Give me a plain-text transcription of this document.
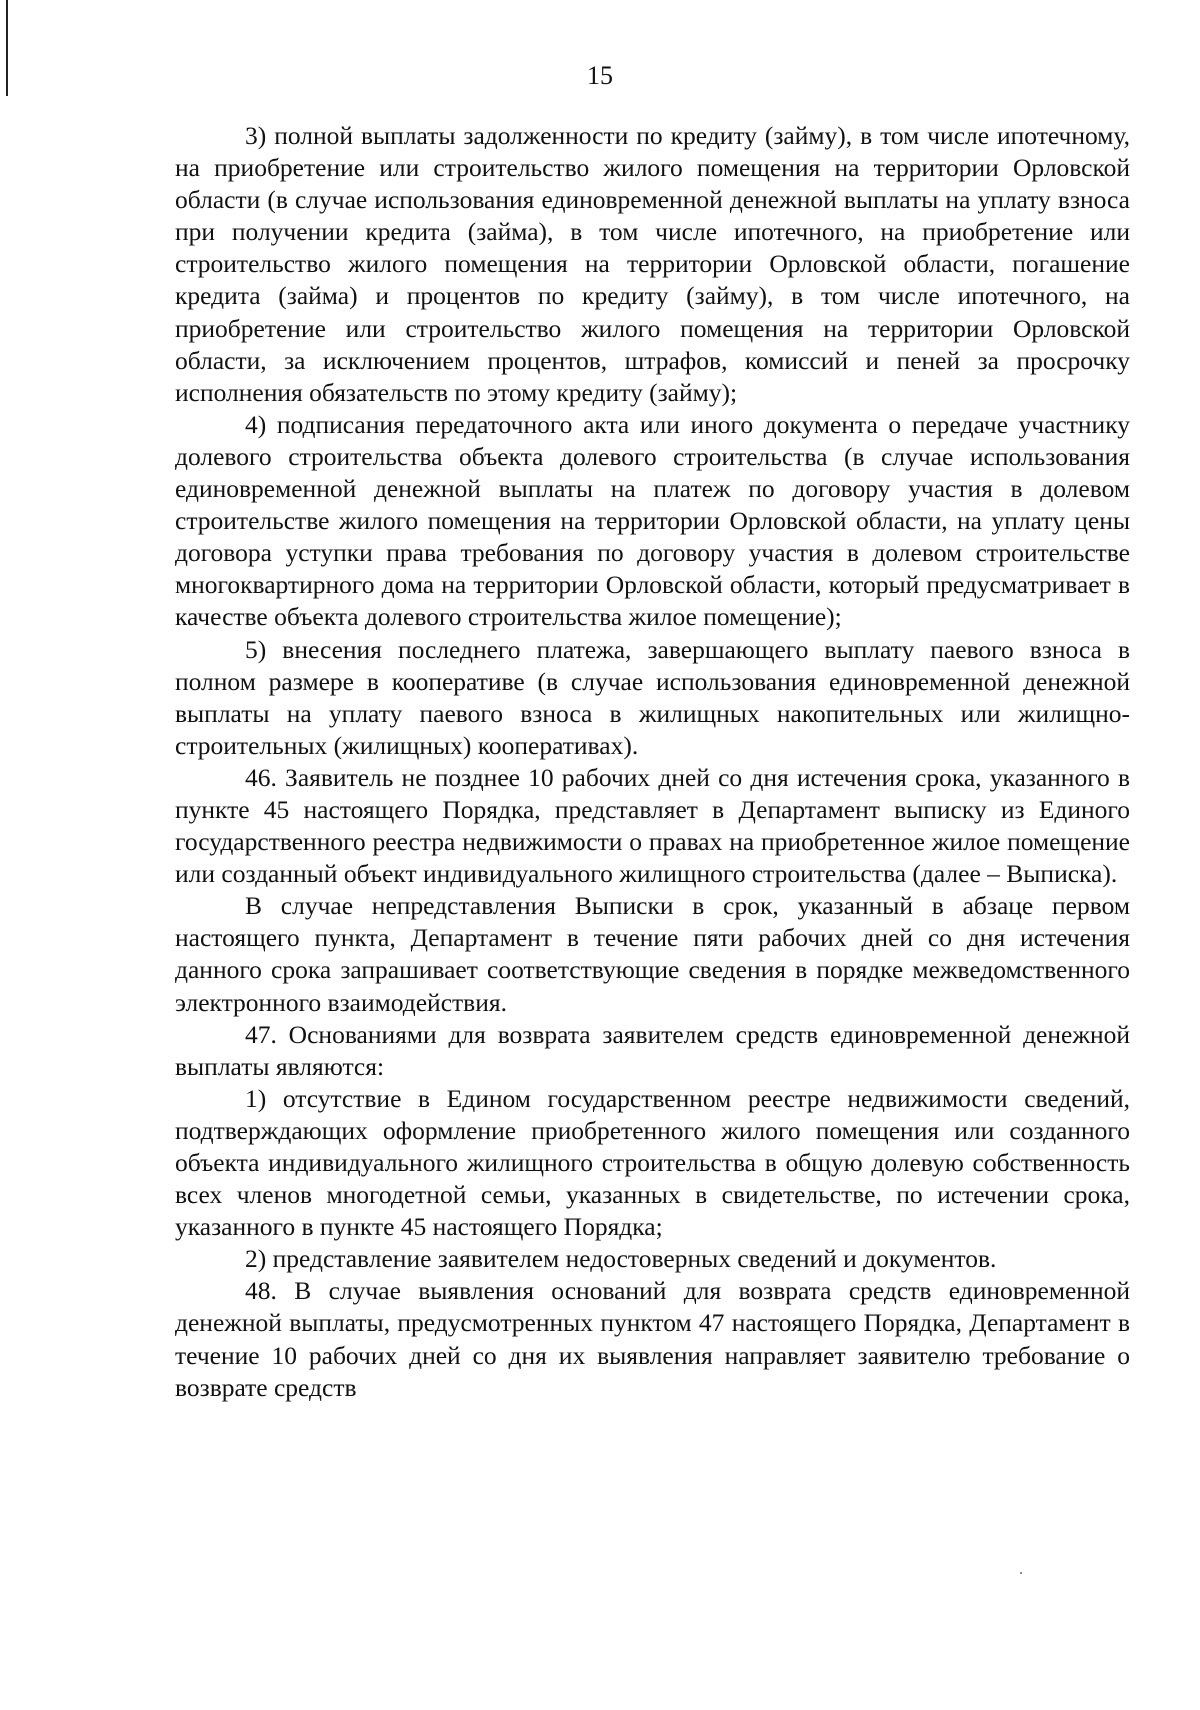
15

3) полной выплаты задолженности по кредиту (займу), в том числе ипотечному, на приобретение или строительство жилого помещения на территории Орловской области (в случае использования единовременной денежной выплаты на уплату взноса при получении кредита (займа), в том числе ипотечного, на приобретение или строительство жилого помещения на территории Орловской области, погашение кредита (займа) и процентов по кредиту (займу), в том числе ипотечного, на приобретение или строительство жилого помещения на территории Орловской области, за исключением процентов, штрафов, комиссий и пеней за просрочку исполнения обязательств по этому кредиту (займу);

4) подписания передаточного акта или иного документа о передаче участнику долевого строительства объекта долевого строительства (в случае использования единовременной денежной выплаты на платеж по договору участия в долевом строительстве жилого помещения на территории Орловской области, на уплату цены договора уступки права требования по договору участия в долевом строительстве многоквартирного дома на территории Орловской области, который предусматривает в качестве объекта долевого строительства жилое помещение);

5) внесения последнего платежа, завершающего выплату паевого взноса в полном размере в кооперативе (в случае использования единовременной денежной выплаты на уплату паевого взноса в жилищных накопительных или жилищно-строительных (жилищных) кооперативах).

46. Заявитель не позднее 10 рабочих дней со дня истечения срока, указанного в пункте 45 настоящего Порядка, представляет в Департамент выписку из Единого государственного реестра недвижимости о правах на приобретенное жилое помещение или созданный объект индивидуального жилищного строительства (далее – Выписка).

В случае непредставления Выписки в срок, указанный в абзаце первом настоящего пункта, Департамент в течение пяти рабочих дней со дня истечения данного срока запрашивает соответствующие сведения в порядке межведомственного электронного взаимодействия.

47. Основаниями для возврата заявителем средств единовременной денежной выплаты являются:

1) отсутствие в Едином государственном реестре недвижимости сведений, подтверждающих оформление приобретенного жилого помещения или созданного объекта индивидуального жилищного строительства в общую долевую собственность всех членов многодетной семьи, указанных в свидетельстве, по истечении срока, указанного в пункте 45 настоящего Порядка;

2) представление заявителем недостоверных сведений и документов.

48. В случае выявления оснований для возврата средств единовременной денежной выплаты, предусмотренных пунктом 47 настоящего Порядка, Департамент в течение 10 рабочих дней со дня их выявления направляет заявителю требование о возврате средств
